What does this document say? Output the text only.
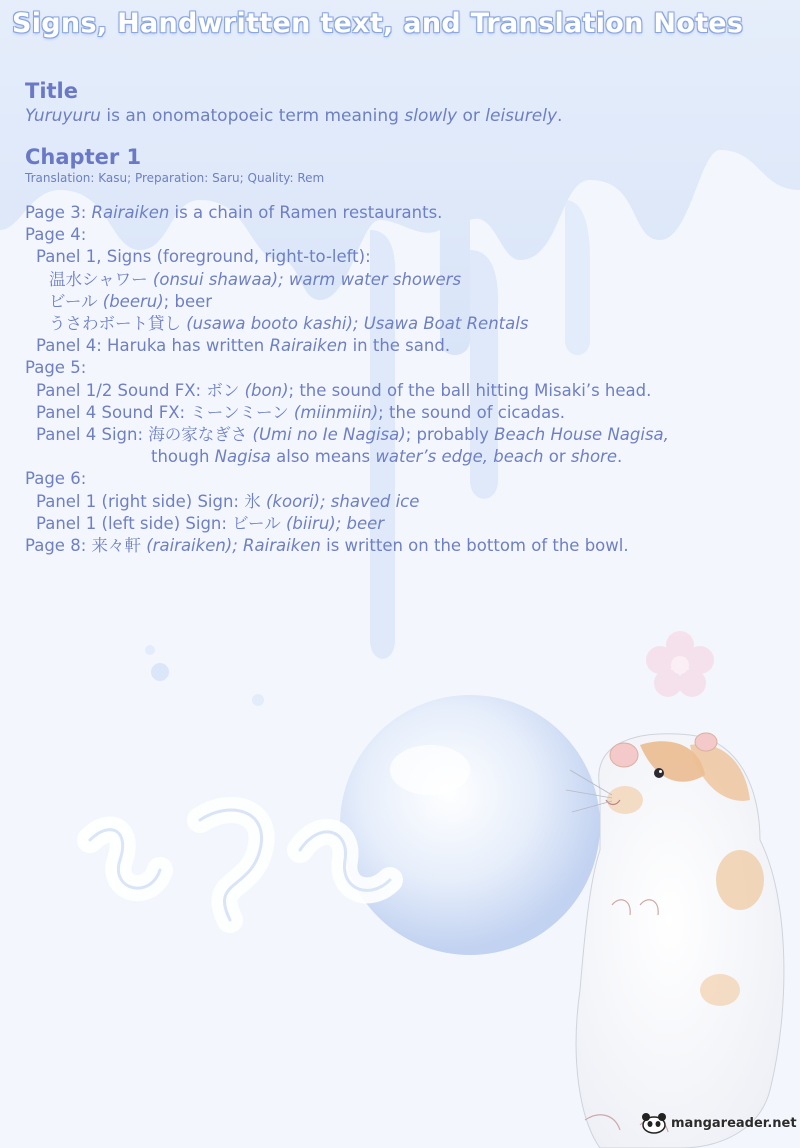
Signs, Handwritten text, and Translation Notes
Title

Yuruyuru is an onomatopoeic term meaning slowly or leisurely.

Chapter 1

Translation: Kasu; Preparation: Saru; Quality: Rem

Page 3: Rairaiken is a chain of Ramen restaurants.
Page 4:
Panel 1, Signs (foreground, right-to-left):
温水シャワー (onsui shawaa); warm water showers
ビール (beeru); beer
うさわボート貸し (usawa booto kashi); Usawa Boat Rentals
Panel 4: Haruka has written Rairaiken in the sand.
Page 5:
Panel 1/2 Sound FX: ボン (bon); the sound of the ball hitting Misaki’s head.
Panel 4 Sound FX: ミーンミーン (miinmiin); the sound of cicadas.
Panel 4 Sign: 海の家なぎさ (Umi no Ie Nagisa); probably Beach House Nagisa,
though Nagisa also means water’s edge, beach or shore.
Page 6:
Panel 1 (right side) Sign: 氷 (koori); shaved ice
Panel 1 (left side) Sign: ビール (biiru); beer
Page 8: 来々軒 (rairaiken); Rairaiken is written on the bottom of the bowl.
mangareader.net
